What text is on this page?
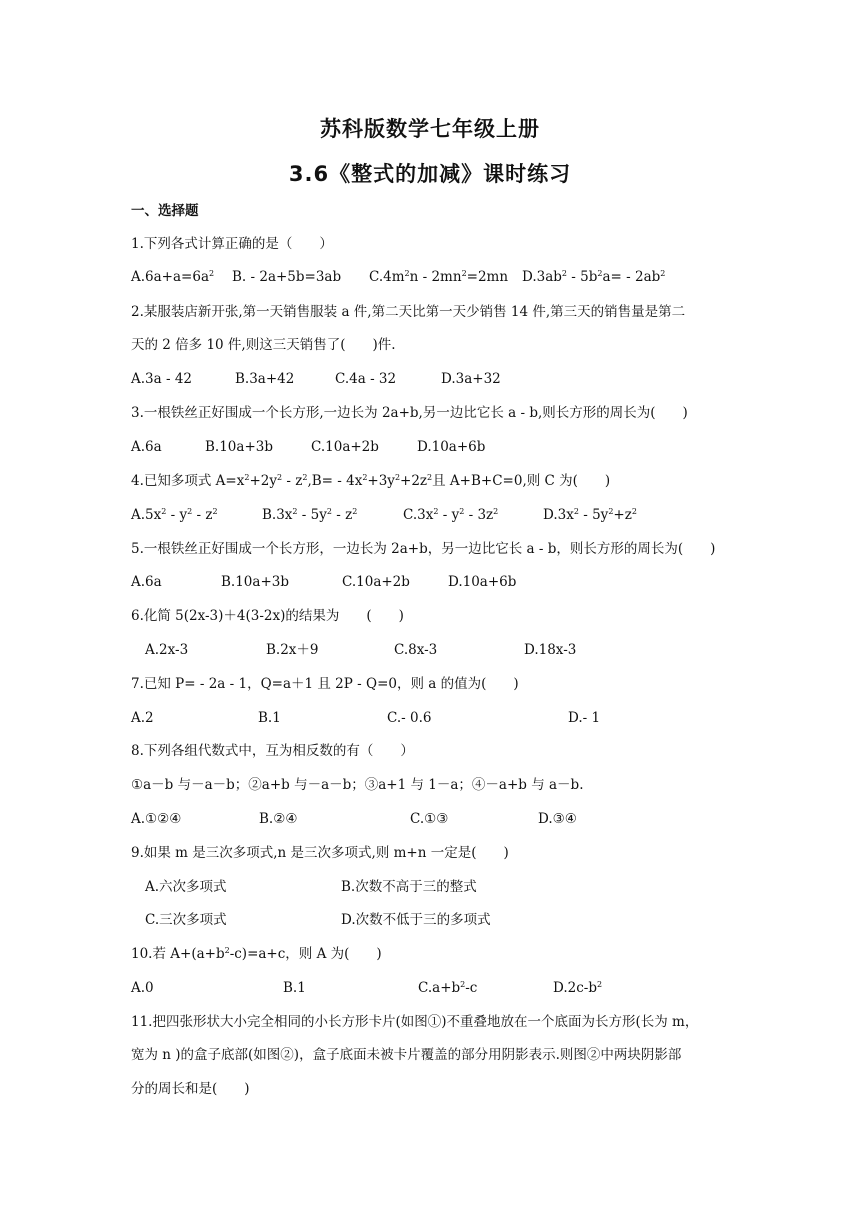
苏科版数学七年级上册
3.6《整式的加减》课时练习
一、选择题
1.下列各式计算正确的是（　　）
$A.6a+a=6a^2$ B. - 2a+5b=3ab $C.4m^2n - 2mn^2=2mn$ $D.3ab^2 - 5b^2a= - 2ab^2$
2.某服装店新开张,第一天销售服装 a 件,第二天比第一天少销售 14 件,第三天的销售量是第二
天的 2 倍多 10 件,则这三天销售了(　　)件.
A.3a - 42	B.3a+42	C.4a - 32	D.3a+32
3.一根铁丝正好围成一个长方形,一边长为 2a+b,另一边比它长 a - b,则长方形的周长为(　　)
A.6a	B.10a+3b	C.10a+2b	D.10a+6b
4.已知多项式 $A=x^2+2y^2 - z^2,B= - 4x^2+3y^2+2z^2$且 A+B+C=0,则 C 为(　　)
$A.5x^2 - y^2 - z^2$	$B.3x^2 - 5y^2 - z^2$	$C.3x^2 - y^2 - 3z^2$	$D.3x^2 - 5y^2+z^2$
5.一根铁丝正好围成一个长方形，一边长为 2a+b，另一边比它长 a - b，则长方形的周长为(　　)
A.6a	B.10a+3b	C.10a+2b	D.10a+6b
6.化简 5(2x-3)＋4(3-2x)的结果为　　(　　)
A.2x-3	B.2x＋9	C.8x-3	D.18x-3
7.已知 P= - 2a - 1，Q=a＋1 且 2P - Q=0，则 a 的值为(　　)
A.2	B.1	C.- 0.6	D.- 1
8.下列各组代数式中，互为相反数的有（　　）
①a－b 与－a－b；②a+b 与－a－b；③a+1 与 1－a；④－a+b 与 a－b.
A.①②④	B.②④	C.①③	D.③④
9.如果 m 是三次多项式,n 是三次多项式,则 m+n 一定是(　　)
A.六次多项式	B.次数不高于三的整式
C.三次多项式	D.次数不低于三的多项式
10.若 $A+(a+b^2-c)=a+c$，则 A 为(　　)
A.0	B.1	$C.a+b^2-c$	$D.2c-b^2$
11.把四张形状大小完全相同的小长方形卡片(如图①)不重叠地放在一个底面为长方形(长为 m，
宽为 n )的盒子底部(如图②)，盒子底面未被卡片覆盖的部分用阴影表示.则图②中两块阴影部
分的周长和是(　　)
